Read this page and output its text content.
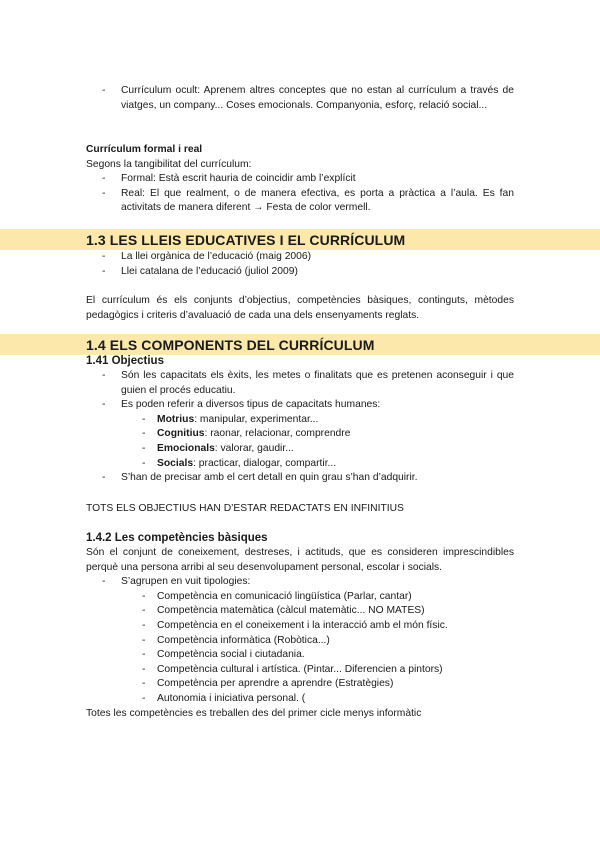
- Currículum ocult: Aprenem altres conceptes que no estan al currículum a través de viatges, un company... Coses emocionals. Companyonia, esforç, relació social...

Currículum formal i real

Segons la tangibilitat del currículum:

- Formal: Està escrit hauria de coincidir amb l’explícit
- Real: El que realment, o de manera efectiva, es porta a pràctica a l’aula. Es fan activitats de manera diferent → Festa de color vermell.
1.3 LES LLEIS EDUCATIVES I EL CURRÍCULUM
- La llei orgànica de l’educació (maig 2006)
- Llei catalana de l’educació (juliol 2009)

El currículum és els conjunts d’objectius, competències bàsiques, continguts, mètodes pedagògics i criteris d’avaluació de cada una dels ensenyaments reglats.

1.4 ELS COMPONENTS DEL CURRÍCULUM

1.41 Objectius

- Són les capacitats els èxits, les metes o finalitats que es pretenen aconseguir i que guien el procés educatiu.
- Es poden referir a diversos tipus de capacitats humanes:
- Motrius: manipular, experimentar...
- Cognitius: raonar, relacionar, comprendre
- Emocionals: valorar, gaudir...
- Socials: practicar, dialogar, compartir...
- S’han de precisar amb el cert detall en quin grau s’han d’adquirir.

TOTS ELS OBJECTIUS HAN D’ESTAR REDACTATS EN INFINITIUS

1.4.2 Les competències bàsiques

Són el conjunt de coneixement, destreses, i actituds, que es consideren imprescindibles perquè una persona arribi al seu desenvolupament personal, escolar i socials.

- S’agrupen en vuit tipologies:
- Competència en comunicació lingüística (Parlar, cantar)
- Competència matemàtica (càlcul matemàtic... NO MATES)
- Competència en el coneixement i la interacció amb el món físic.
- Competència informàtica (Robòtica...)
- Competència social i ciutadania.
- Competència cultural i artística. (Pintar... Diferencien a pintors)
- Competència per aprendre a aprendre (Estratègies)
- Autonomia i iniciativa personal. (

Totes les competències es treballen des del primer cicle menys informàtic
